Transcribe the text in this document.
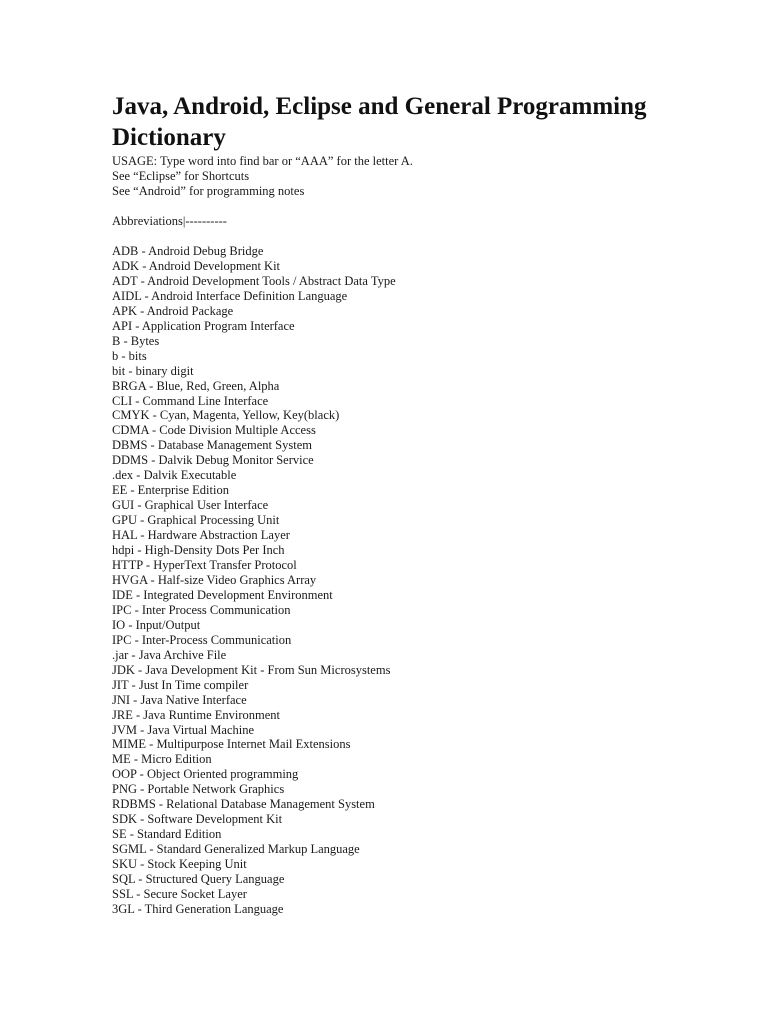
Java, Android, Eclipse and General Programming Dictionary

USAGE: Type word into find bar or “AAA” for the letter A.

See “Eclipse” for Shortcuts

See “Android” for programming notes

Abbreviations|----------

ADB - Android Debug Bridge
ADK - Android Development Kit
ADT - Android Development Tools / Abstract Data Type
AIDL - Android Interface Definition Language
APK - Android Package
API - Application Program Interface
B - Bytes
b - bits
bit - binary digit
BRGA - Blue, Red, Green, Alpha
CLI - Command Line Interface
CMYK - Cyan, Magenta, Yellow, Key(black)
CDMA - Code Division Multiple Access
DBMS - Database Management System
DDMS - Dalvik Debug Monitor Service
.dex - Dalvik Executable
EE - Enterprise Edition
GUI - Graphical User Interface
GPU - Graphical Processing Unit
HAL - Hardware Abstraction Layer
hdpi - High-Density Dots Per Inch
HTTP - HyperText Transfer Protocol
HVGA - Half-size Video Graphics Array
IDE - Integrated Development Environment
IPC - Inter Process Communication
IO - Input/Output
IPC - Inter-Process Communication
.jar - Java Archive File
JDK - Java Development Kit - From Sun Microsystems
JIT - Just In Time compiler
JNI - Java Native Interface
JRE - Java Runtime Environment
JVM - Java Virtual Machine
MIME - Multipurpose Internet Mail Extensions
ME - Micro Edition
OOP - Object Oriented programming
PNG - Portable Network Graphics
RDBMS - Relational Database Management System
SDK - Software Development Kit
SE - Standard Edition
SGML - Standard Generalized Markup Language
SKU - Stock Keeping Unit
SQL - Structured Query Language
SSL - Secure Socket Layer
3GL - Third Generation Language
